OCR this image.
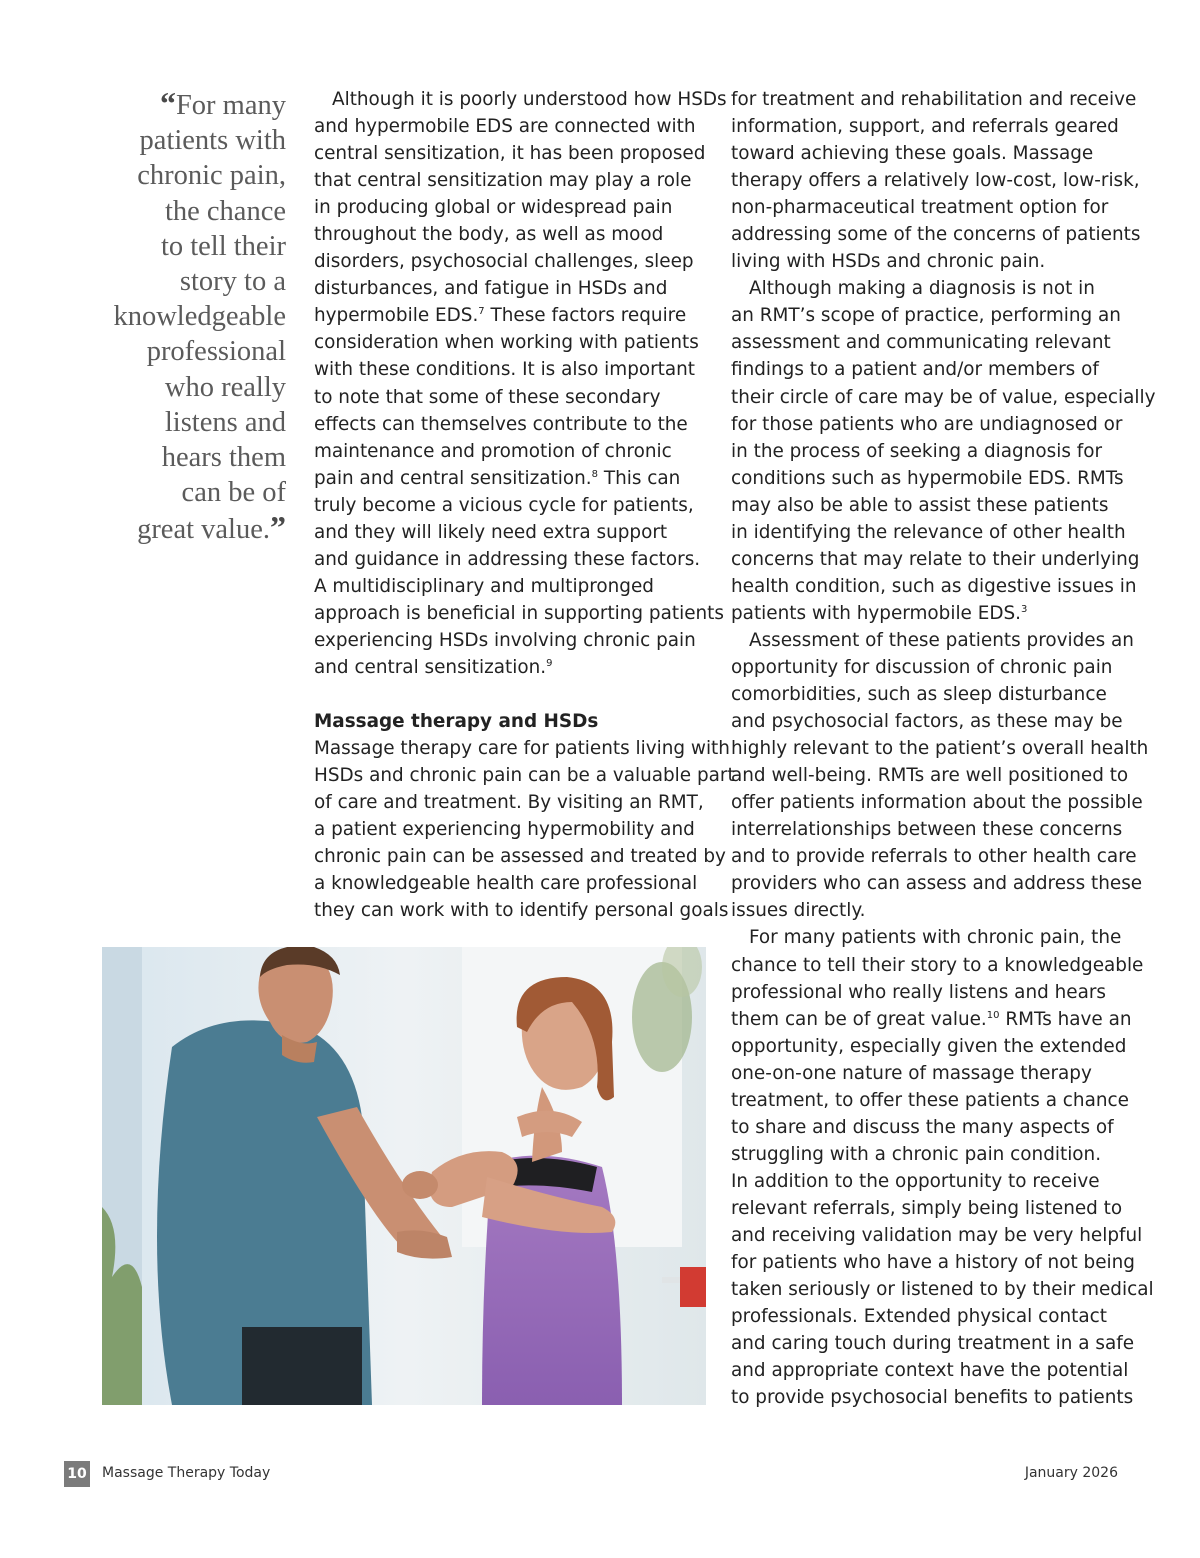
“For many
patients with
chronic pain,
the chance
to tell their
story to a
knowledgeable
professional
who really
listens and
hears them
can be of
great value.”
Although it is poorly understood how HSDs
and hypermobile EDS are connected with
central sensitization, it has been proposed
that central sensitization may play a role
in producing global or widespread pain
throughout the body, as well as mood
disorders, psychosocial challenges, sleep
disturbances, and fatigue in HSDs and
hypermobile EDS.$^7$ These factors require
consideration when working with patients
with these conditions. It is also important
to note that some of these secondary
effects can themselves contribute to the
maintenance and promotion of chronic
pain and central sensitization.$^8$ This can
truly become a vicious cycle for patients,
and they will likely need extra support
and guidance in addressing these factors.
A multidisciplinary and multipronged
approach is beneficial in supporting patients
experiencing HSDs involving chronic pain
and central sensitization.$^9$
Massage therapy and HSDs
Massage therapy care for patients living with
HSDs and chronic pain can be a valuable part
of care and treatment. By visiting an RMT,
a patient experiencing hypermobility and
chronic pain can be assessed and treated by
a knowledgeable health care professional
they can work with to identify personal goals
for treatment and rehabilitation and receive
information, support, and referrals geared
toward achieving these goals. Massage
therapy offers a relatively low-cost, low-risk,
non-pharmaceutical treatment option for
addressing some of the concerns of patients
living with HSDs and chronic pain.
Although making a diagnosis is not in
an RMT’s scope of practice, performing an
assessment and communicating relevant
findings to a patient and/or members of
their circle of care may be of value, especially
for those patients who are undiagnosed or
in the process of seeking a diagnosis for
conditions such as hypermobile EDS. RMTs
may also be able to assist these patients
in identifying the relevance of other health
concerns that may relate to their underlying
health condition, such as digestive issues in
patients with hypermobile EDS.$^3$
Assessment of these patients provides an
opportunity for discussion of chronic pain
comorbidities, such as sleep disturbance
and psychosocial factors, as these may be
highly relevant to the patient’s overall health
and well-being. RMTs are well positioned to
offer patients information about the possible
interrelationships between these concerns
and to provide referrals to other health care
providers who can assess and address these
issues directly.
For many patients with chronic pain, the
chance to tell their story to a knowledgeable
professional who really listens and hears
them can be of great value.$^{10}$ RMTs have an
opportunity, especially given the extended
one-on-one nature of massage therapy
treatment, to offer these patients a chance
to share and discuss the many aspects of
struggling with a chronic pain condition.
In addition to the opportunity to receive
relevant referrals, simply being listened to
and receiving validation may be very helpful
for patients who have a history of not being
taken seriously or listened to by their medical
professionals. Extended physical contact
and caring touch during treatment in a safe
and appropriate context have the potential
to provide psychosocial benefits to patients
10 Massage Therapy Today	January 2026
